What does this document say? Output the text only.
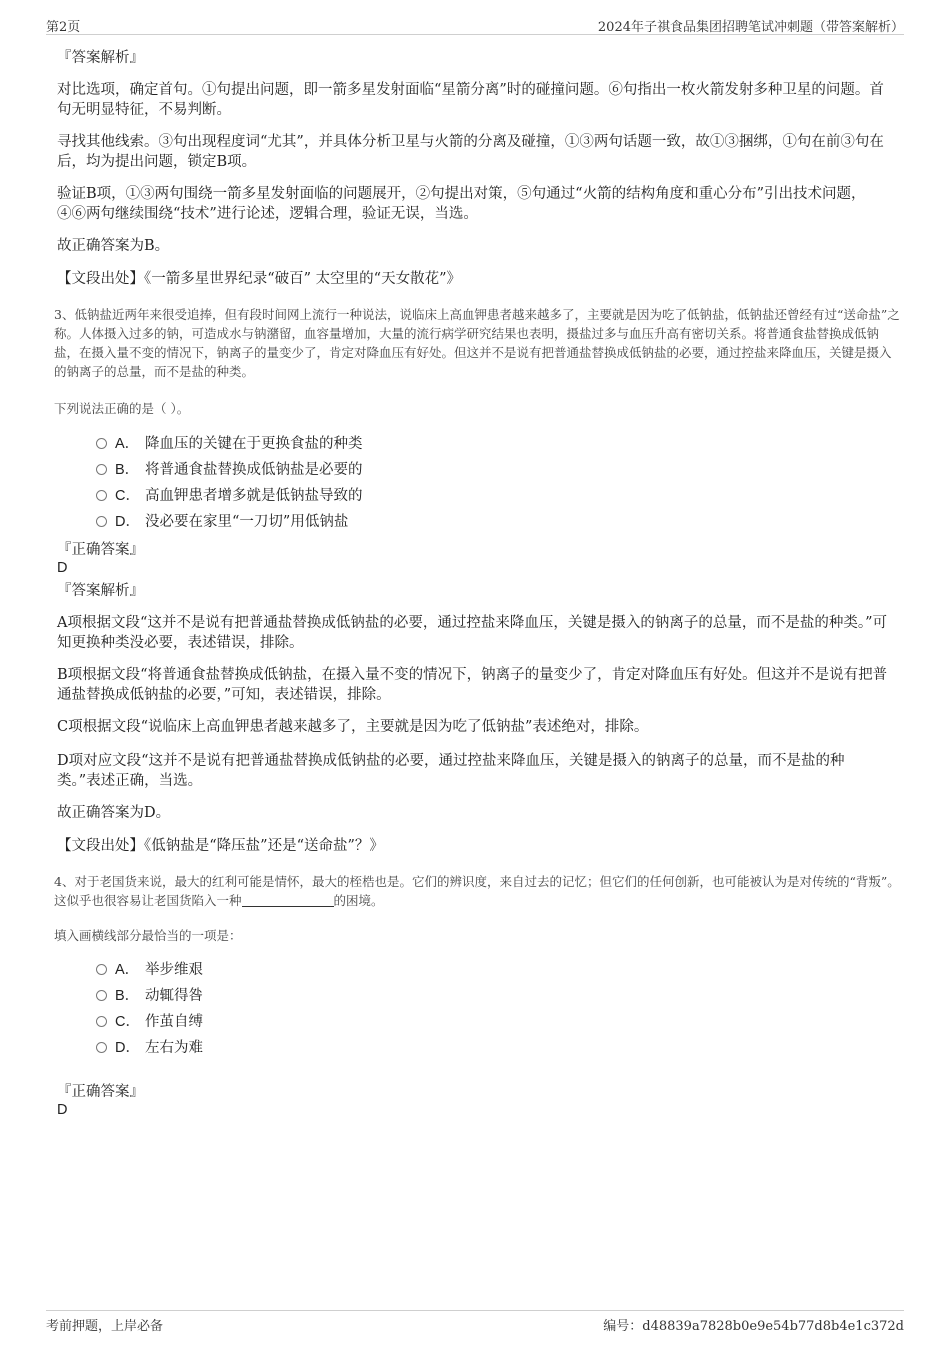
第2页	2024年子祺食品集团招聘笔试冲刺题（带答案解析）
『答案解析』
对比选项，确定首句。①句提出问题，即一箭多星发射面临“星箭分离”时的碰撞问题。⑥句指出一枚火箭发射多种卫星的问题。首句无明显特征，不易判断。
寻找其他线索。③句出现程度词“尤其”，并具体分析卫星与火箭的分离及碰撞，①③两句话题一致，故①③捆绑，①句在前③句在后，均为提出问题，锁定B项。
验证B项，①③两句围绕一箭多星发射面临的问题展开，②句提出对策，⑤句通过“火箭的结构角度和重心分布”引出技术问题，④⑥两句继续围绕“技术”进行论述，逻辑合理，验证无误，当选。
故正确答案为B。
【文段出处】《一箭多星世界纪录“破百” 太空里的“天女散花”》
3、低钠盐近两年来很受追捧，但有段时间网上流行一种说法，说临床上高血钾患者越来越多了，主要就是因为吃了低钠盐，低钠盐还曾经有过“送命盐”之称。人体摄入过多的钠，可造成水与钠潴留，血容量增加，大量的流行病学研究结果也表明，摄盐过多与血压升高有密切关系。将普通食盐替换成低钠盐，在摄入量不变的情况下，钠离子的量变少了，肯定对降血压有好处。但这并不是说有把普通盐替换成低钠盐的必要，通过控盐来降血压，关键是摄入的钠离子的总量，而不是盐的种类。
下列说法正确的是（ ）。
A． 降血压的关键在于更换食盐的种类
B． 将普通食盐替换成低钠盐是必要的
C． 高血钾患者增多就是低钠盐导致的
D． 没必要在家里“一刀切”用低钠盐
『正确答案』
D
『答案解析』
A项根据文段“这并不是说有把普通盐替换成低钠盐的必要，通过控盐来降血压，关键是摄入的钠离子的总量，而不是盐的种类。”可知更换种类没必要，表述错误，排除。
B项根据文段“将普通食盐替换成低钠盐，在摄入量不变的情况下，钠离子的量变少了，肯定对降血压有好处。但这并不是说有把普通盐替换成低钠盐的必要，”可知，表述错误，排除。
C项根据文段“说临床上高血钾患者越来越多了，主要就是因为吃了低钠盐”表述绝对，排除。
D项对应文段“这并不是说有把普通盐替换成低钠盐的必要，通过控盐来降血压，关键是摄入的钠离子的总量，而不是盐的种类。”表述正确，当选。
故正确答案为D。
【文段出处】《低钠盐是“降压盐”还是“送命盐”？》
4、对于老国货来说，最大的红利可能是情怀，最大的桎梏也是。它们的辨识度，来自过去的记忆；但它们的任何创新，也可能被认为是对传统的“背叛”。这似乎也很容易让老国货陷入一种	的困境。
填入画横线部分最恰当的一项是：
A． 举步维艰
B． 动辄得咎
C． 作茧自缚
D． 左右为难
『正确答案』
D
考前押题，上岸必备	编号：d48839a7828b0e9e54b77d8b4e1c372d
